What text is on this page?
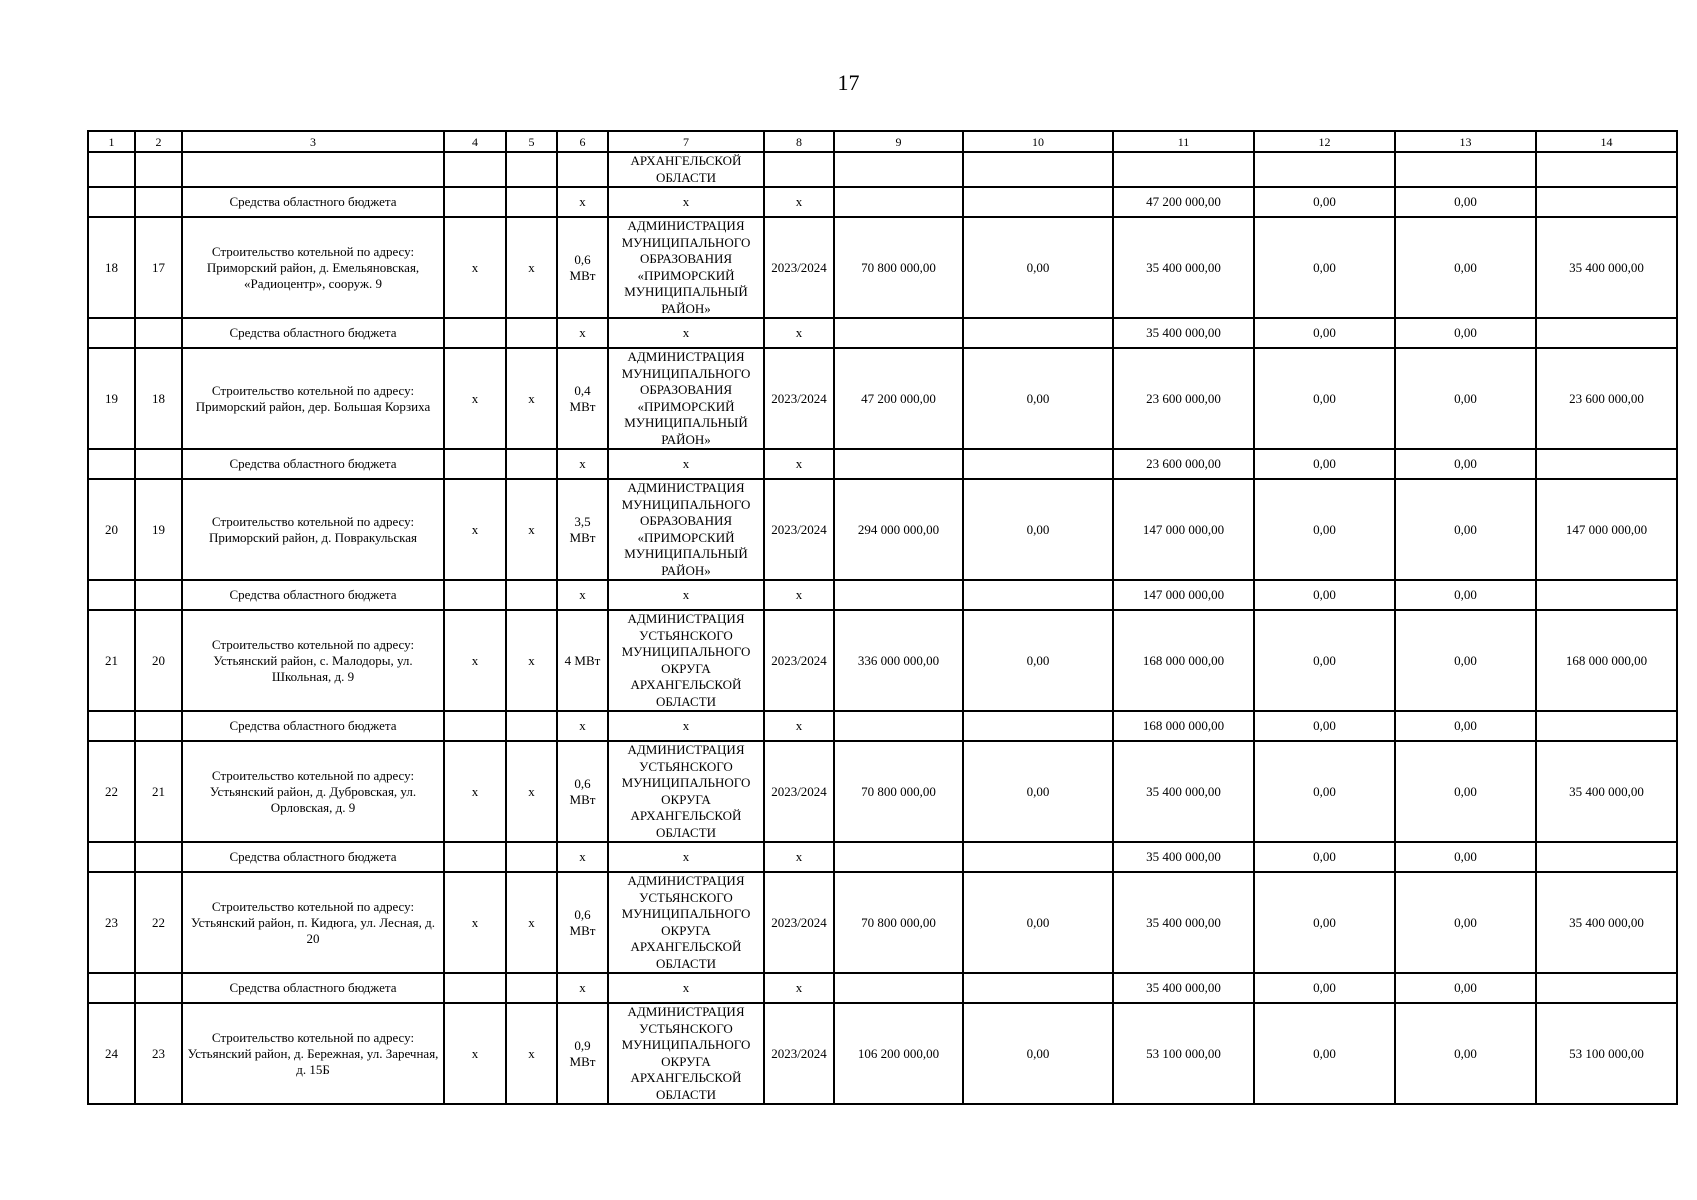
17
1	2	3	4	5	6	7	8	9	10	11	12	13	14
						АРХАНГЕЛЬСКОЙ ОБЛАСТИ							
		Средства областного бюджета			х	х	х			47 200 000,00	0,00	0,00	
18	17	Строительство котельной по адресу: Приморский район, д. Емельяновская, «Радиоцентр», сооруж. 9	х	х	0,6 МВт	АДМИНИСТРАЦИЯ МУНИЦИПАЛЬНОГО ОБРАЗОВАНИЯ «ПРИМОРСКИЙ МУНИЦИПАЛЬНЫЙ РАЙОН»	2023/2024	70 800 000,00	0,00	35 400 000,00	0,00	0,00	35 400 000,00
		Средства областного бюджета			х	х	х			35 400 000,00	0,00	0,00	
19	18	Строительство котельной по адресу: Приморский район, дер. Большая Корзиха	х	х	0,4 МВт	АДМИНИСТРАЦИЯ МУНИЦИПАЛЬНОГО ОБРАЗОВАНИЯ «ПРИМОРСКИЙ МУНИЦИПАЛЬНЫЙ РАЙОН»	2023/2024	47 200 000,00	0,00	23 600 000,00	0,00	0,00	23 600 000,00
		Средства областного бюджета			х	х	х			23 600 000,00	0,00	0,00	
20	19	Строительство котельной по адресу: Приморский район, д. Повракульская	х	х	3,5 МВт	АДМИНИСТРАЦИЯ МУНИЦИПАЛЬНОГО ОБРАЗОВАНИЯ «ПРИМОРСКИЙ МУНИЦИПАЛЬНЫЙ РАЙОН»	2023/2024	294 000 000,00	0,00	147 000 000,00	0,00	0,00	147 000 000,00
		Средства областного бюджета			х	х	х			147 000 000,00	0,00	0,00	
21	20	Строительство котельной по адресу: Устьянский район, с. Малодоры, ул. Школьная, д. 9	х	х	4 МВт	АДМИНИСТРАЦИЯ УСТЬЯНСКОГО МУНИЦИПАЛЬНОГО ОКРУГА АРХАНГЕЛЬСКОЙ ОБЛАСТИ	2023/2024	336 000 000,00	0,00	168 000 000,00	0,00	0,00	168 000 000,00
		Средства областного бюджета			х	х	х			168 000 000,00	0,00	0,00	
22	21	Строительство котельной по адресу: Устьянский район, д. Дубровская, ул. Орловская, д. 9	х	х	0,6 МВт	АДМИНИСТРАЦИЯ УСТЬЯНСКОГО МУНИЦИПАЛЬНОГО ОКРУГА АРХАНГЕЛЬСКОЙ ОБЛАСТИ	2023/2024	70 800 000,00	0,00	35 400 000,00	0,00	0,00	35 400 000,00
		Средства областного бюджета			х	х	х			35 400 000,00	0,00	0,00	
23	22	Строительство котельной по адресу: Устьянский район, п. Кидюга, ул. Лесная, д. 20	х	х	0,6 МВт	АДМИНИСТРАЦИЯ УСТЬЯНСКОГО МУНИЦИПАЛЬНОГО ОКРУГА АРХАНГЕЛЬСКОЙ ОБЛАСТИ	2023/2024	70 800 000,00	0,00	35 400 000,00	0,00	0,00	35 400 000,00
		Средства областного бюджета			х	х	х			35 400 000,00	0,00	0,00	
24	23	Строительство котельной по адресу: Устьянский район, д. Бережная, ул. Заречная, д. 15Б	х	х	0,9 МВт	АДМИНИСТРАЦИЯ УСТЬЯНСКОГО МУНИЦИПАЛЬНОГО ОКРУГА АРХАНГЕЛЬСКОЙ ОБЛАСТИ	2023/2024	106 200 000,00	0,00	53 100 000,00	0,00	0,00	53 100 000,00
